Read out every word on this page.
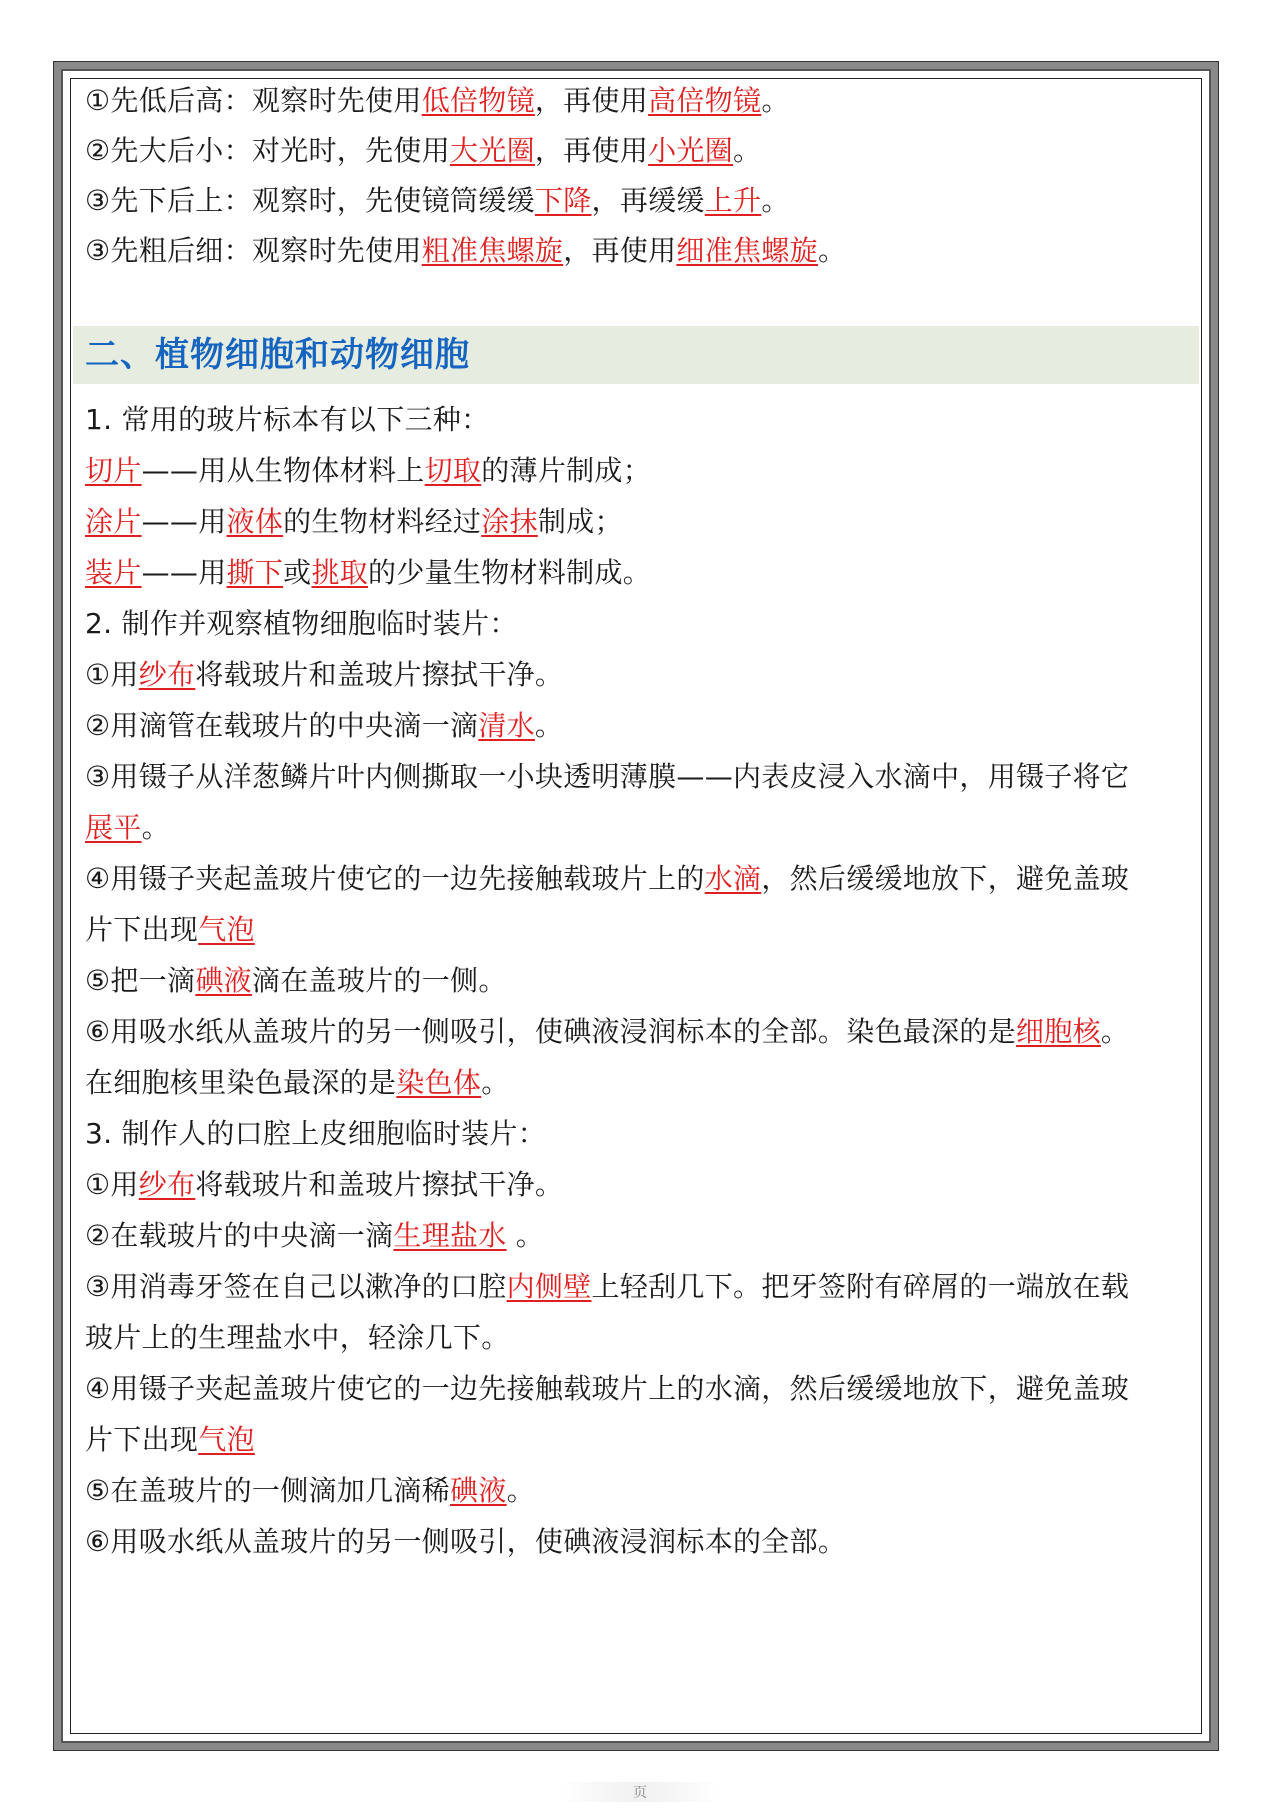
①先低后高：观察时先使用低倍物镜，再使用高倍物镜。
②先大后小：对光时，先使用大光圈，再使用小光圈。
③先下后上：观察时，先使镜筒缓缓下降，再缓缓上升。
③先粗后细：观察时先使用粗准焦螺旋，再使用细准焦螺旋。
二、植物细胞和动物细胞
1. 常用的玻片标本有以下三种：
切片——用从生物体材料上切取的薄片制成；
涂片——用液体的生物材料经过涂抹制成；
装片——用撕下或挑取的少量生物材料制成。
2. 制作并观察植物细胞临时装片：
①用纱布将载玻片和盖玻片擦拭干净。
②用滴管在载玻片的中央滴一滴清水。
③用镊子从洋葱鳞片叶内侧撕取一小块透明薄膜——内表皮浸入水滴中，用镊子将它
展平。
④用镊子夹起盖玻片使它的一边先接触载玻片上的水滴，然后缓缓地放下，避免盖玻
片下出现气泡
⑤把一滴碘液滴在盖玻片的一侧。
⑥用吸水纸从盖玻片的另一侧吸引，使碘液浸润标本的全部。染色最深的是细胞核。
在细胞核里染色最深的是染色体。
3. 制作人的口腔上皮细胞临时装片：
①用纱布将载玻片和盖玻片擦拭干净。
②在载玻片的中央滴一滴生理盐水 。
③用消毒牙签在自己以漱净的口腔内侧壁上轻刮几下。把牙签附有碎屑的一端放在载
玻片上的生理盐水中，轻涂几下。
④用镊子夹起盖玻片使它的一边先接触载玻片上的水滴，然后缓缓地放下，避免盖玻
片下出现气泡
⑤在盖玻片的一侧滴加几滴稀碘液。
⑥用吸水纸从盖玻片的另一侧吸引，使碘液浸润标本的全部。
页
